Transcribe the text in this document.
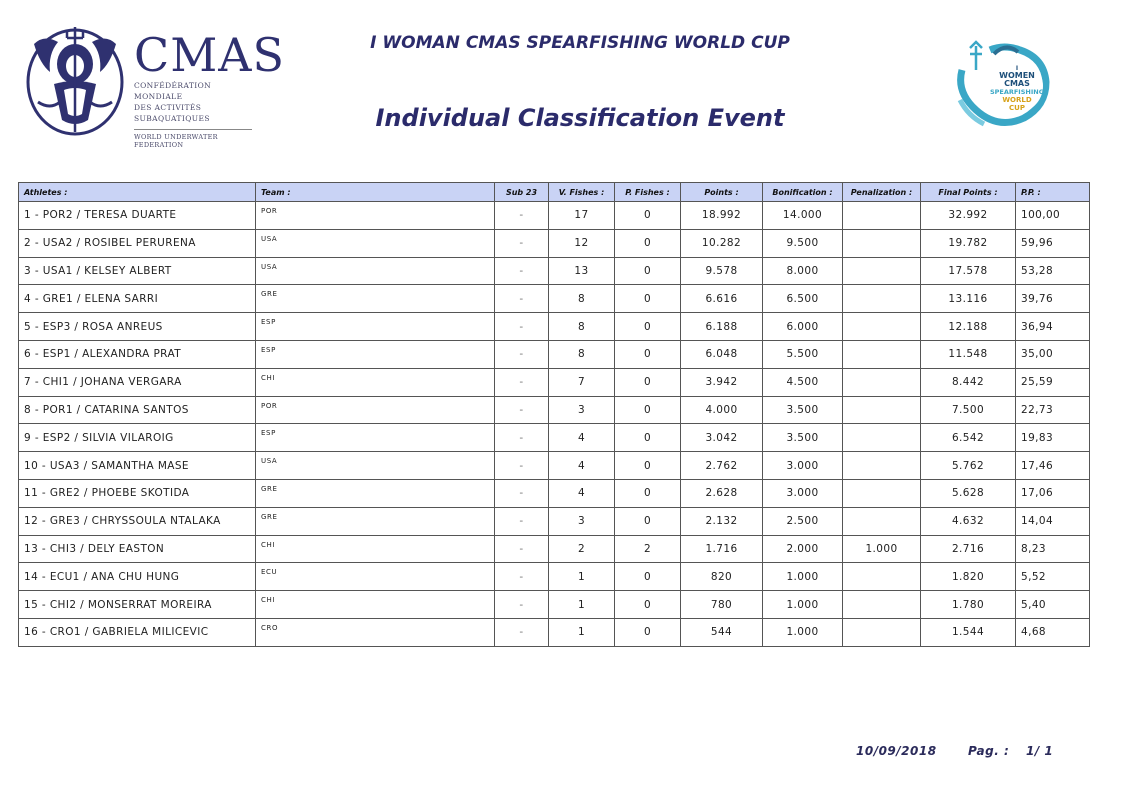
CMAS
CONFÉDÉRATION MONDIALE
DES ACTIVITÉS SUBAQUATIQUES
WORLD UNDERWATER FEDERATION
I WOMAN CMAS SPEARFISHING WORLD CUP
Individual Classification Event
I
WOMEN
CMAS
SPEARFISHING
WORLD
CUP
Athletes :	Team :	Sub 23	V. Fishes :	P. Fishes :	Points :	Bonification :	Penalization :	Final Points :	P.P. :
1 - POR2 / TERESA DUARTE	POR	-	17	0	18.992	14.000		32.992	100,00
2 - USA2 / ROSIBEL PERURENA	USA	-	12	0	10.282	9.500		19.782	59,96
3 - USA1 / KELSEY ALBERT	USA	-	13	0	9.578	8.000		17.578	53,28
4 - GRE1 / ELENA SARRI	GRE	-	8	0	6.616	6.500		13.116	39,76
5 - ESP3 / ROSA ANREUS	ESP	-	8	0	6.188	6.000		12.188	36,94
6 - ESP1 / ALEXANDRA PRAT	ESP	-	8	0	6.048	5.500		11.548	35,00
7 - CHI1 / JOHANA VERGARA	CHI	-	7	0	3.942	4.500		8.442	25,59
8 - POR1 / CATARINA SANTOS	POR	-	3	0	4.000	3.500		7.500	22,73
9 - ESP2 / SILVIA VILAROIG	ESP	-	4	0	3.042	3.500		6.542	19,83
10 - USA3 / SAMANTHA MASE	USA	-	4	0	2.762	3.000		5.762	17,46
11 - GRE2 / PHOEBE SKOTIDA	GRE	-	4	0	2.628	3.000		5.628	17,06
12 - GRE3 / CHRYSSOULA NTALAKA	GRE	-	3	0	2.132	2.500		4.632	14,04
13 - CHI3 / DELY EASTON	CHI	-	2	2	1.716	2.000	1.000	2.716	8,23
14 - ECU1 / ANA CHU HUNG	ECU	-	1	0	820	1.000		1.820	5,52
15 - CHI2 / MONSERRAT MOREIRA	CHI	-	1	0	780	1.000		1.780	5,40
16 - CRO1 / GABRIELA MILICEVIC	CRO	-	1	0	544	1.000		1.544	4,68
10/09/2018	Pag. : 1/ 1
